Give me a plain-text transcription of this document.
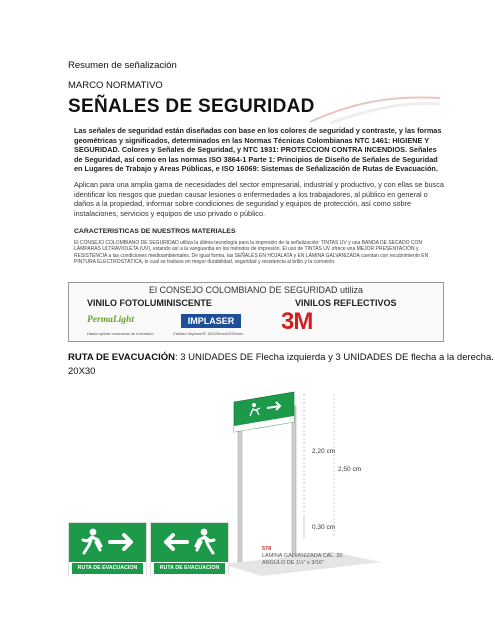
Resumen de señalización
MARCO NORMATIVO
SEÑALES DE SEGURIDAD
Las señales de seguridad están diseñadas con base en los colores de seguridad y contraste, y las formas geométricas y significados, determinados en las Normas Técnicas Colombianas NTC 1461: HIGIENE Y SEGURIDAD. Colores y Señales de Seguridad, y NTC 1931: PROTECCION CONTRA INCENDIOS. Señales de Seguridad, así como en las normas ISO 3864-1 Parte 1: Principios de Diseño de Señales de Seguridad en Lugares de Trabajo y Areas Públicas, e ISO 16069: Sistemas de Señalización de Rutas de Evacuación.
Aplican para una amplia gama de necesidades del sector empresarial, industrial y productivo, y con ellas se busca identificar los riesgos que puedan causar lesiones o enfermedades a los trabajadores, al público en general o daños a la propiedad, informar sobre condiciones de seguridad y equipos de protección, así como sobre instalaciones, servicios y equipos de uso privado o público.
CARACTERISTICAS DE NUESTROS MATERIALES
El CONSEJO COLOMBIANO DE SEGURIDAD utiliza la última tecnología para la impresión de la señalización: TINTAS UV y una BANDA DE SECADO CON LÁMPARAS ULTRAVIOLETA (UV), estando así a la vanguardia en los métodos de impresión. El uso de TINTAS UV ofrece una MEJOR PRESENTACIÓN y RESISTENCIA a las condiciones medioambientales. De igual forma, las SEÑALES EN HOJALATA y EN LÁMINA GALVANIZADA cuentan con recubrimiento EN PINTURA ELECTROSTÁTICA, lo cual se traduce en mayor durabilidad, seguridad y resistencia al brillo y la corrosión.
El CONSEJO COLOMBIANO DE SEGURIDAD utiliza
VINILO FOTOLUMINISCENTE	VINILOS REFLECTIVOS
PermaLight
Hasta aplicar cerámicas de inventario
IMPLASER
Calidad Implaser® 150/20mcd/2000min 3M
RUTA DE EVACUACIÓN: 3 UNIDADES DE Flecha izquierda y 3 UNIDADES DE flecha a la derecha.
20X30
2,20 cm
2,50 cm
0,30 cm
578
LAMINA GALVANIZADA CAL. 20
ANGULO DE 1½" x 3/16"
RUTA DE EVACUACION	RUTA DE EVACUACION
